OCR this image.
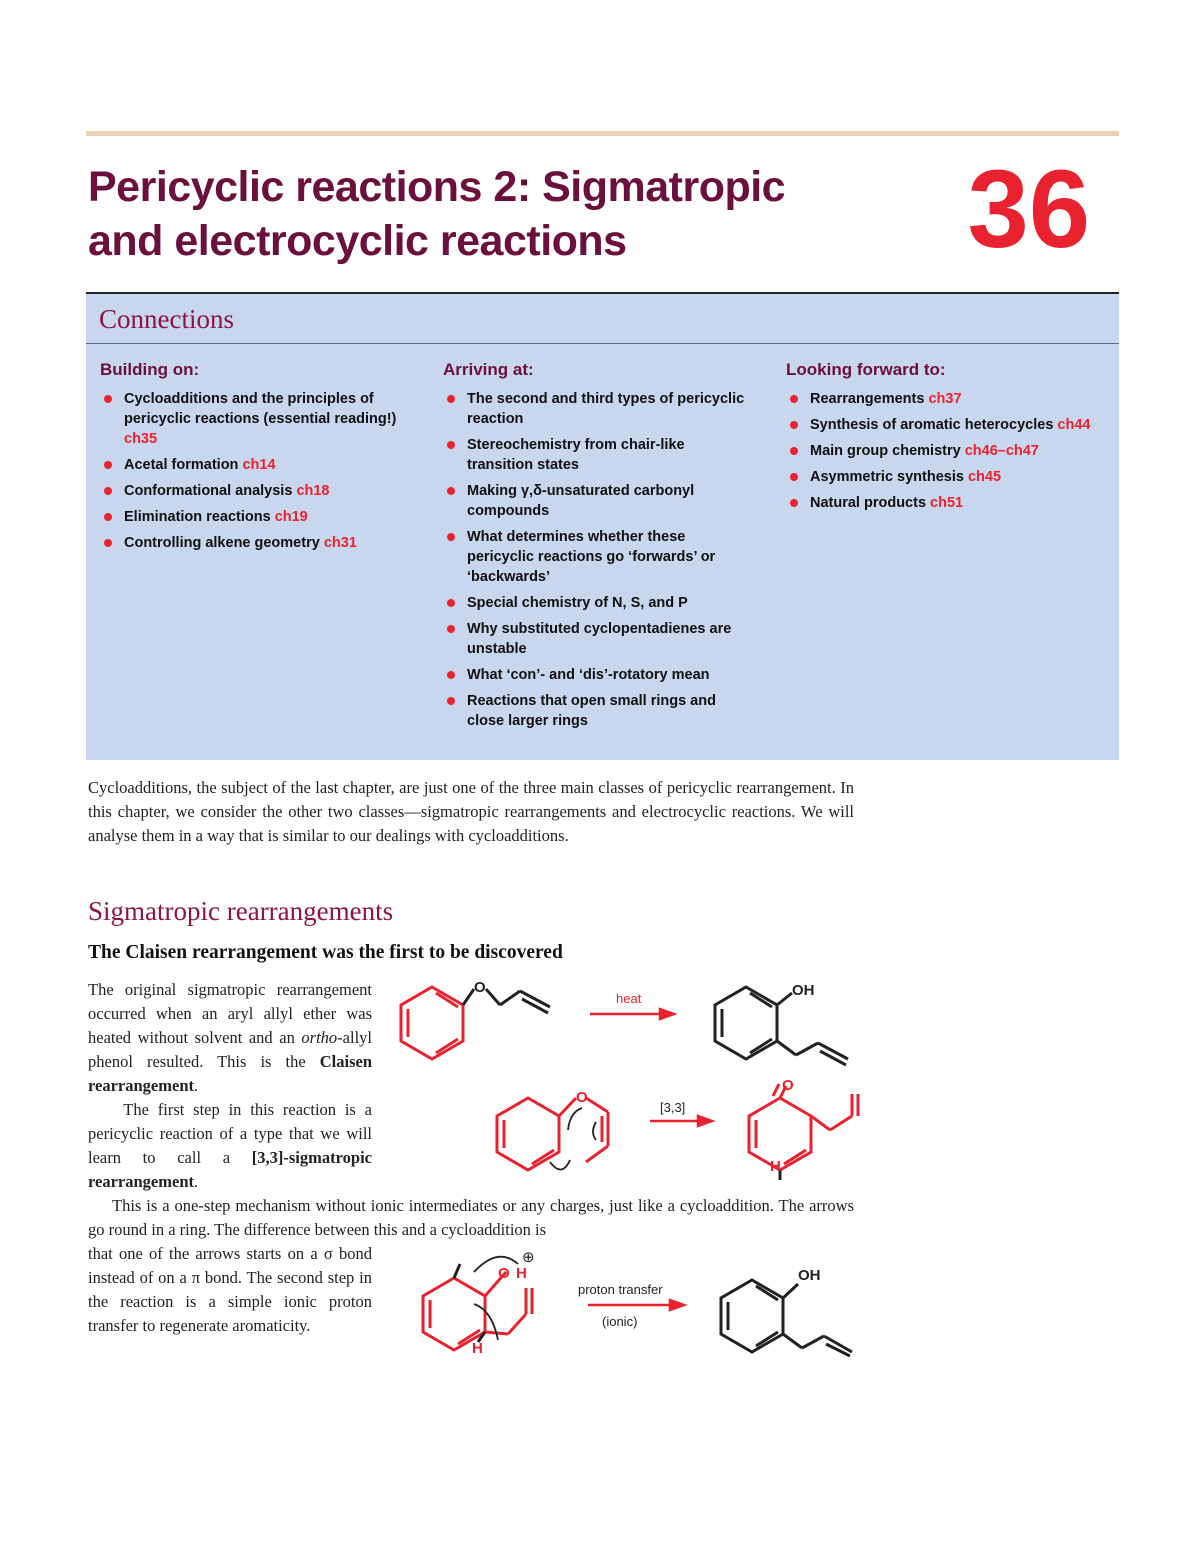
Pericyclic reactions 2: Sigmatropic
and electrocyclic reactions	36
Connections
Building on:
Cycloadditions and the principles of pericyclic reactions (essential reading!) ch35
Acetal formation ch14
Conformational analysis ch18
Elimination reactions ch19
Controlling alkene geometry ch31
Arriving at:
The second and third types of pericyclic reaction
Stereochemistry from chair-like transition states
Making γ,δ-unsaturated carbonyl compounds
What determines whether these pericyclic reactions go ‘forwards’ or ‘backwards’
Special chemistry of N, S, and P
Why substituted cyclopentadienes are unstable
What ‘con’- and ‘dis’-rotatory mean
Reactions that open small rings and close larger rings
Looking forward to:
Rearrangements ch37
Synthesis of aromatic heterocycles ch44
Main group chemistry ch46–ch47
Asymmetric synthesis ch45
Natural products ch51

Cycloadditions, the subject of the last chapter, are just one of the three main classes of pericyclic rearrangement. In this chapter, we consider the other two classes—sigmatropic rearrangements and electrocyclic reactions. We will analyse them in a way that is similar to our dealings with cycloadditions.

Sigmatropic rearrangements
The Claisen rearrangement was the first to be discovered

The original sigmatropic rearrangement occurred when an aryl allyl ether was heated without solvent and an ortho-allyl phenol resulted. This is the Claisen rearrangement.
The first step in this reaction is a pericyclic reaction of a type that we will learn to call a [3,3]-sigmatropic rearrangement.

This is a one-step mechanism without ionic intermediates or any charges, just like a cycloaddition. The arrows go round in a ring. The difference between this and a cycloaddition is

that one of the arrows starts on a σ bond instead of on a π bond. The second step in the reaction is a simple ionic proton transfer to regenerate aromaticity.

O
heat	OH
O
[3,3]
O
H
O H
⊕
proton transfer
(ionic)
OH
H
